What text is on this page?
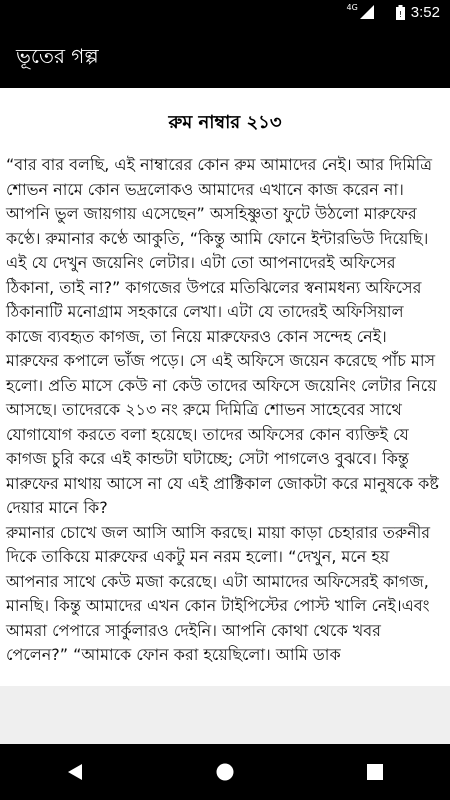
4G
! 3:52
ভূতের গল্প
রুম নাম্বার ২১৩
“বার বার বলছি, এই নাম্বারের কোন রুম আমাদের নেই। আর দিমিত্রি শোভন নামে কোন ভদ্রলোকও আমাদের এখানে কাজ করেন না। আপনি ভুল জায়গায় এসেছেন” অসহিষ্ণুতা ফুটে উঠলো মারুফের কণ্ঠে। রুমানার কণ্ঠে আকুতি, “কিন্তু আমি ফোনে ইন্টারভিউ দিয়েছি। এই যে দেখুন জয়েনিং লেটার। এটা তো আপনাদেরই অফিসের ঠিকানা, তাই না?” কাগজের উপরে মতিঝিলের স্বনামধন্য অফিসের ঠিকানাটি মনোগ্রাম সহকারে লেখা। এটা যে তাদেরই অফিসিয়াল কাজে ব্যবহৃত কাগজ, তা নিয়ে মারুফেরও কোন সন্দেহ নেই। মারুফের কপালে ভাঁজ পড়ে। সে এই অফিসে জয়েন করেছে পাঁচ মাস হলো। প্রতি মাসে কেউ না কেউ তাদের অফিসে জয়েনিং লেটার নিয়ে আসছে। তাদেরকে ২১৩ নং রুমে দিমিত্রি শোভন সাহেবের সাথে যোগাযোগ করতে বলা হয়েছে। তাদের অফিসের কোন ব্যক্তিই যে কাগজ চুরি করে এই কান্ডটা ঘটাচ্ছে; সেটা পাগলেও বুঝবে। কিন্তু মারুফের মাথায় আসে না যে এই প্রাক্টিকাল জোকটা করে মানুষকে কষ্ট দেয়ার মানে কি?
রুমানার চোখে জল আসি আসি করছে। মায়া কাড়া চেহারার তরুনীর দিকে তাকিয়ে মারুফের একটু মন নরম হলো। “দেখুন, মনে হয় আপনার সাথে কেউ মজা করেছে। এটা আমাদের অফিসেরই কাগজ, মানছি। কিন্তু আমাদের এখন কোন টাইপিস্টের পোস্ট খালি নেই।এবং আমরা পেপারে সার্কুলারও দেইনি। আপনি কোথা থেকে খবর পেলেন?” “আমাকে ফোন করা হয়েছিলো। আমি ডাক
